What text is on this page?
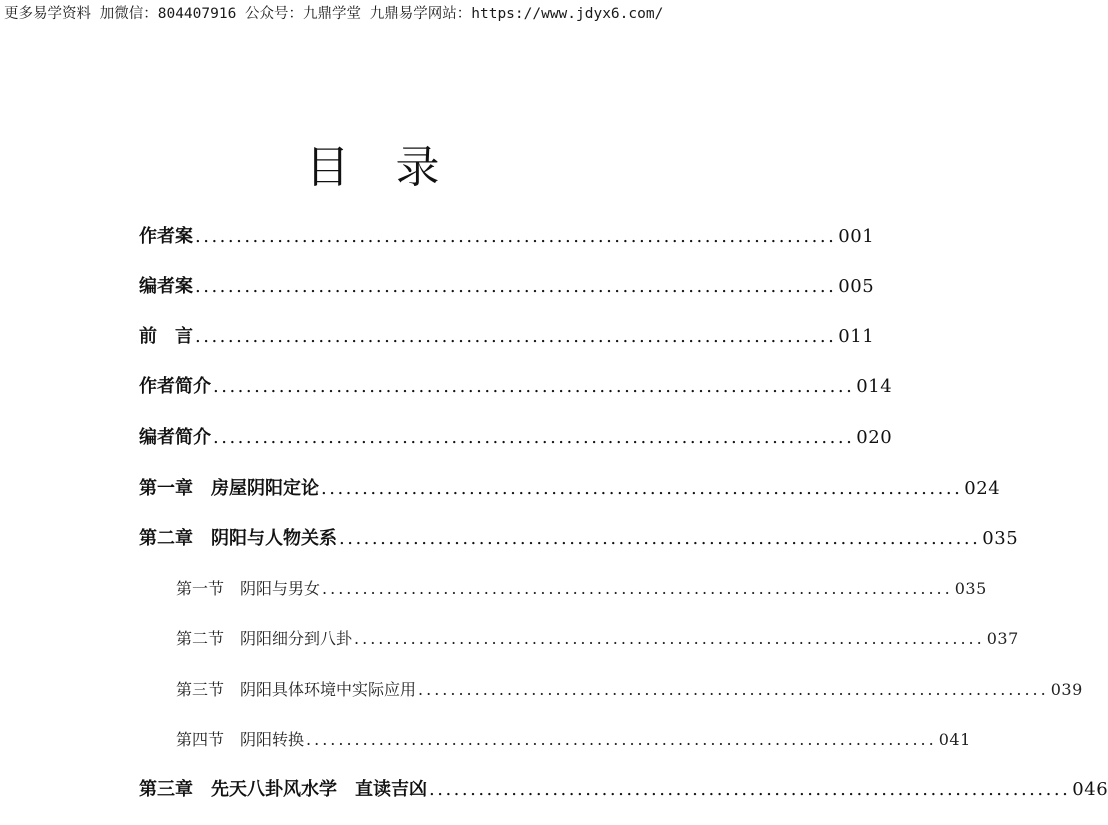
更多易学资料 加微信：804407916 公众号：九鼎学堂 九鼎易学网站：https://www.jdyx6.com/
目录
作者案 .............................................................................. 001
编者案 .............................................................................. 005
前　言 .............................................................................. 011
作者简介 .............................................................................. 014
编者简介 .............................................................................. 020
第一章　房屋阴阳定论 .............................................................................. 024
第二章　阴阳与人物关系 .............................................................................. 035
第一节　阴阳与男女 .............................................................................. 035
第二节　阴阳细分到八卦 .............................................................................. 037
第三节　阴阳具体环境中实际应用 .............................................................................. 039
第四节　阴阳转换 .............................................................................. 041
第三章　先天八卦风水学　直读吉凶 .............................................................................. 046
